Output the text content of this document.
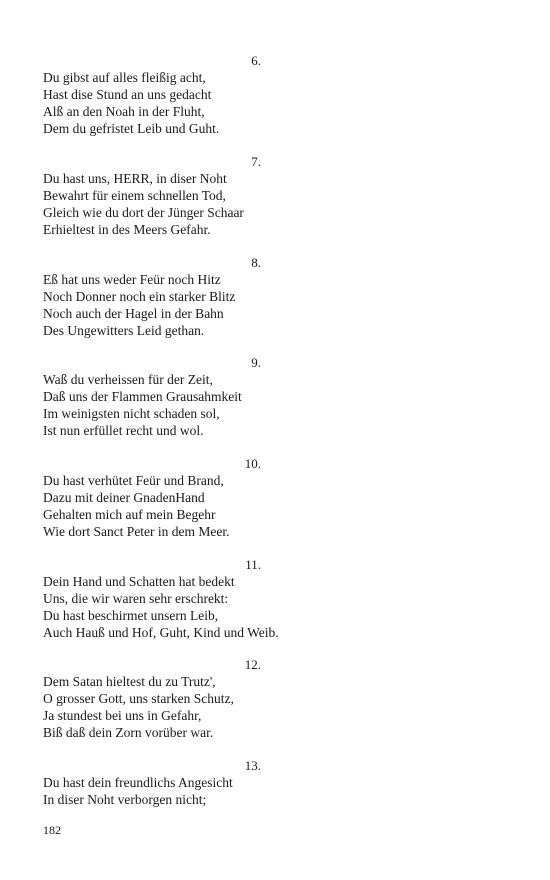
6.
Du gibst auf alles fleißig acht,
Hast dise Stund an uns gedacht
Alß an den Noah in der Fluht,
Dem du gefristet Leib und Guht.
7.
Du hast uns, HERR, in diser Noht
Bewahrt für einem schnellen Tod,
Gleich wie du dort der Jünger Schaar
Erhieltest in des Meers Gefahr.
8.
Eß hat uns weder Feür noch Hitz
Noch Donner noch ein starker Blitz
Noch auch der Hagel in der Bahn
Des Ungewitters Leid gethan.
9.
Waß du verheissen für der Zeit,
Daß uns der Flammen Grausahmkeit
Im weinigsten nicht schaden sol,
Ist nun erfüllet recht und wol.
10.
Du hast verhütet Feür und Brand,
Dazu mit deiner GnadenHand
Gehalten mich auf mein Begehr
Wie dort Sanct Peter in dem Meer.
11.
Dein Hand und Schatten hat bedekt
Uns, die wir waren sehr erschrekt:
Du hast beschirmet unsern Leib,
Auch Hauß und Hof, Guht, Kind und Weib.
12.
Dem Satan hieltest du zu Trutz',
O grosser Gott, uns starken Schutz,
Ja stundest bei uns in Gefahr,
Biß daß dein Zorn vorüber war.
13.
Du hast dein freundlichs Angesicht
In diser Noht verborgen nicht;
182
